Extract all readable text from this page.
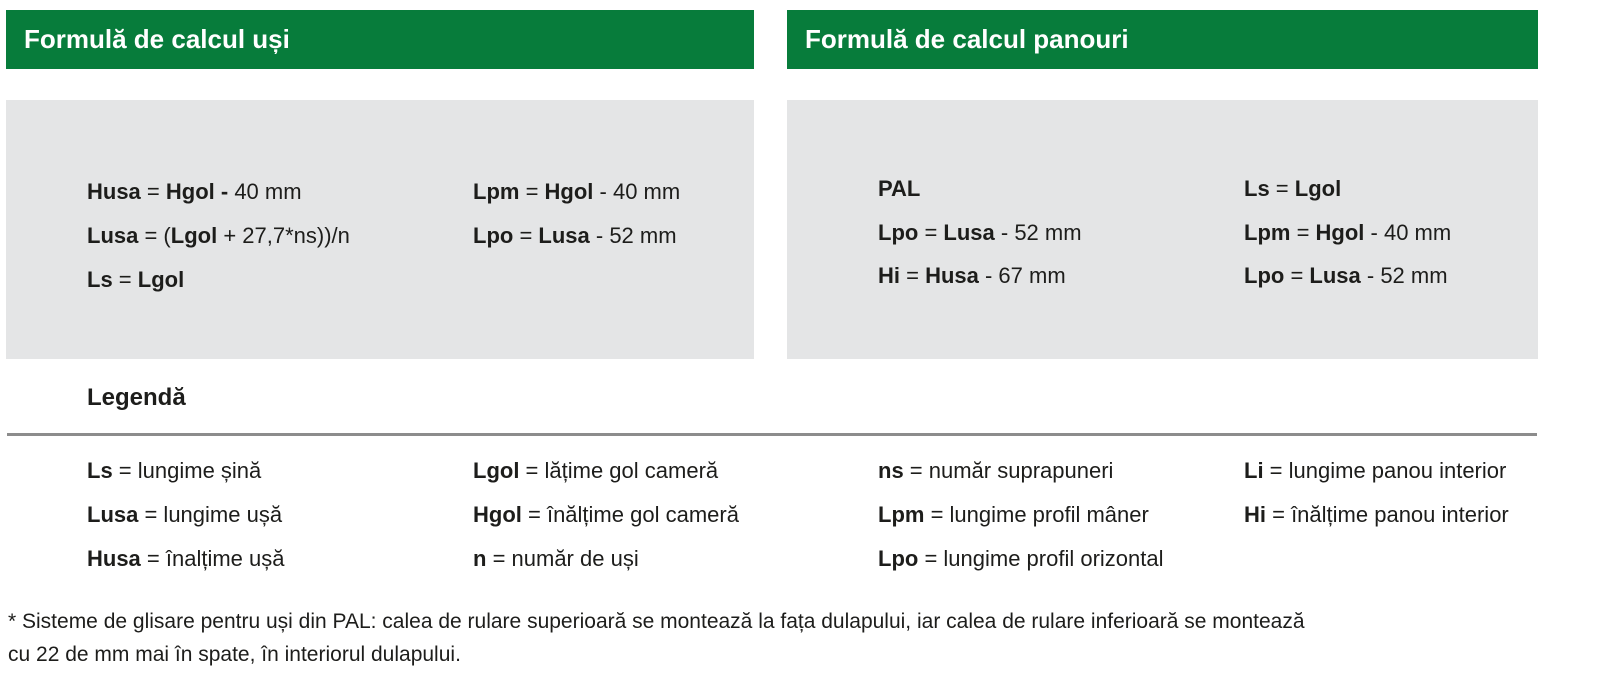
Formulă de calcul uși
Husa = Hgol - 40 mm
Lusa = (Lgol + 27,7*ns))/n
Ls = Lgol
Lpm = Hgol - 40 mm
Lpo = Lusa - 52 mm
Formulă de calcul panouri
PAL
Lpo = Lusa - 52 mm
Hi = Husa - 67 mm
Ls = Lgol
Lpm = Hgol - 40 mm
Lpo = Lusa - 52 mm
Legendă
Ls = lungime șină
Lusa = lungime ușă
Husa = înalțime ușă
Lgol = lățime gol cameră
Hgol = înălțime gol cameră
n = număr de uși
ns = număr suprapuneri
Lpm = lungime profil mâner
Lpo = lungime profil orizontal
Li = lungime panou interior
Hi = înălțime panou interior
* Sisteme de glisare pentru uși din PAL: calea de rulare superioară se montează la fața dulapului, iar calea de rulare inferioară se montează
cu 22 de mm mai în spate, în interiorul dulapului.
